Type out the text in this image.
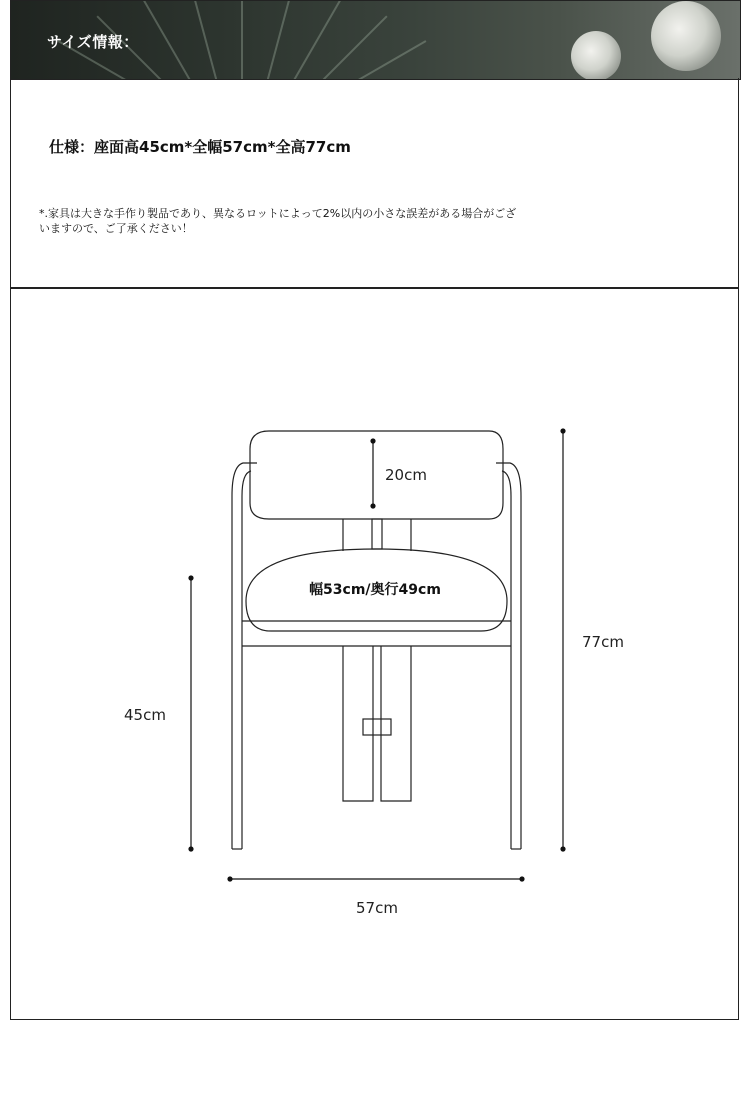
サイズ情報：
仕様：座面高45cm*全幅57cm*全高77cm
*.家具は大きな手作り製品であり、異なるロットによって2%以内の小さな誤差がある場合がございますので、ご了承ください！
20cm
幅53cm/奥行49cm
77cm
45cm
57cm
